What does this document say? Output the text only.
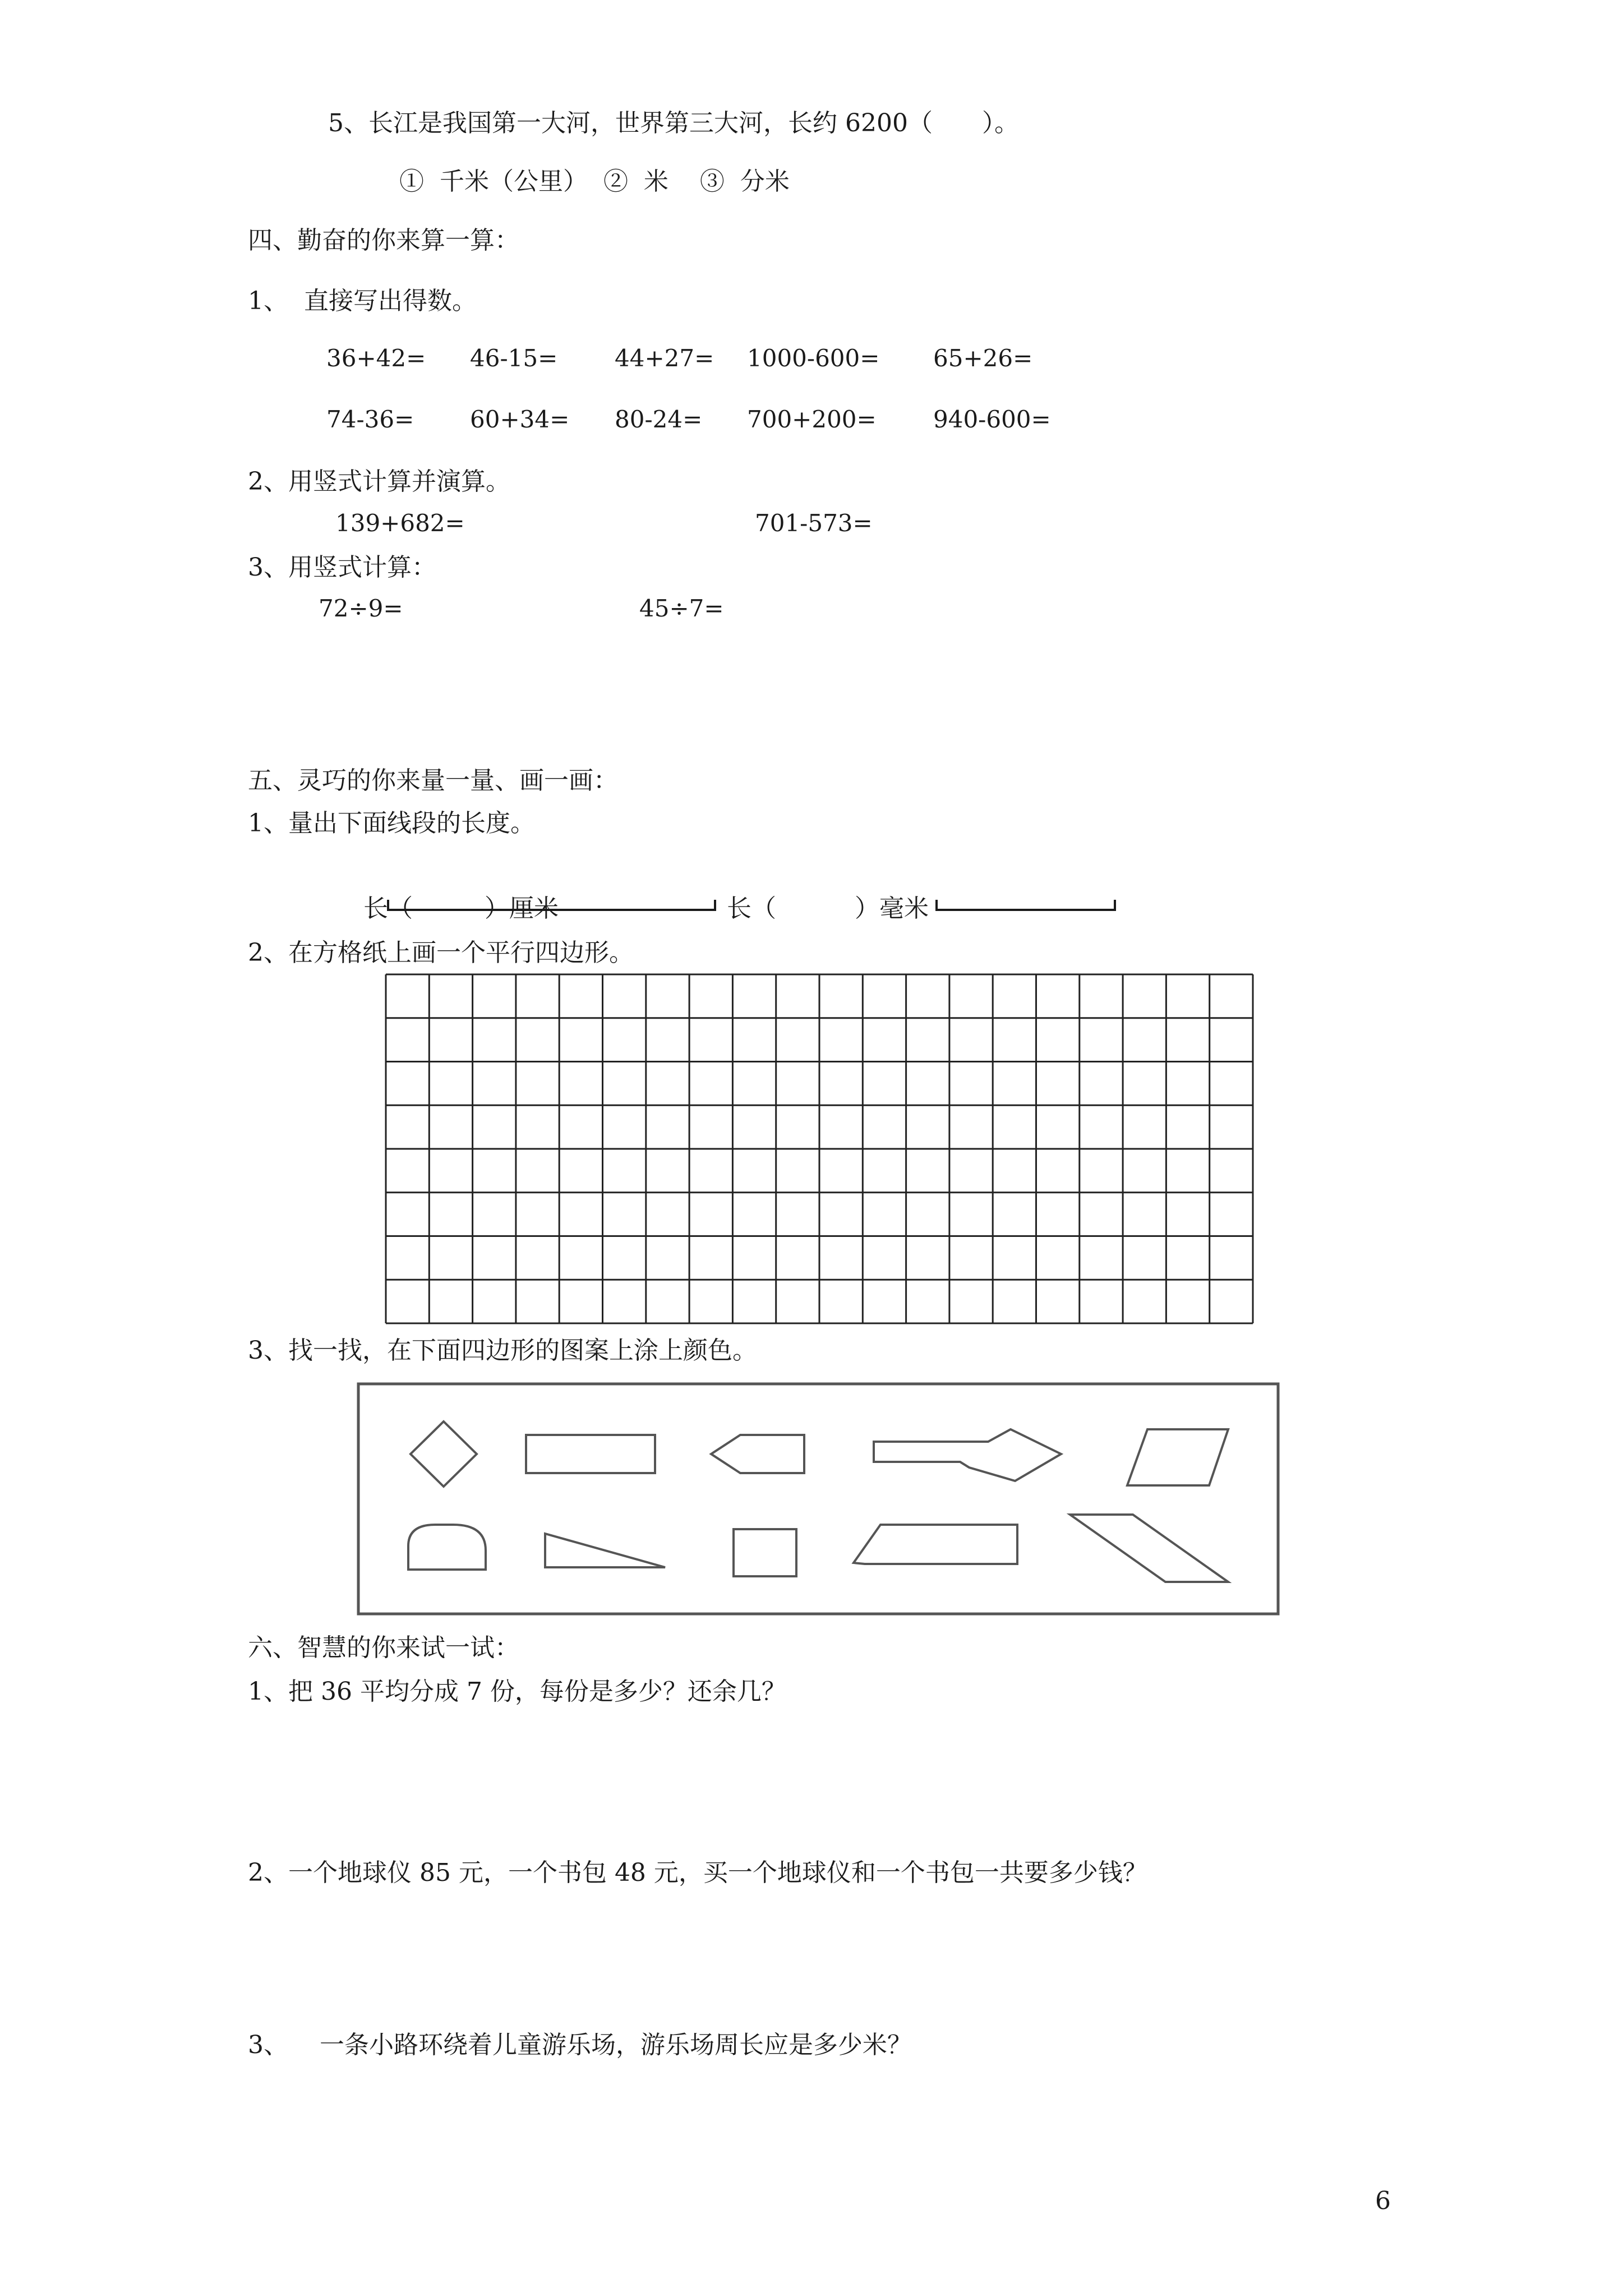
5、长江是我国第一大河，世界第三大河，长约 6200（　　）。
①  千米（公里）  ②  米    ③  分米
四、勤奋的你来算一算：
1、  直接写出得数。
36+42= 46-15= 44+27= 1000-600= 65+26=
74-36= 60+34= 80-24= 700+200= 940-600=
2、用竖式计算并演算。
139+682=	701-573=
3、用竖式计算：
72÷9=	45÷7=
五、灵巧的你来量一量、画一画：
1、量出下面线段的长度。
长（	）厘米	长（	）毫米
2、在方格纸上画一个平行四边形。
3、找一找，在下面四边形的图案上涂上颜色。
六、智慧的你来试一试：
1、把 36 平均分成 7 份，每份是多少？还余几？
2、一个地球仪 85 元，一个书包 48 元，买一个地球仪和一个书包一共要多少钱？
3、    一条小路环绕着儿童游乐场，游乐场周长应是多少米？
6
